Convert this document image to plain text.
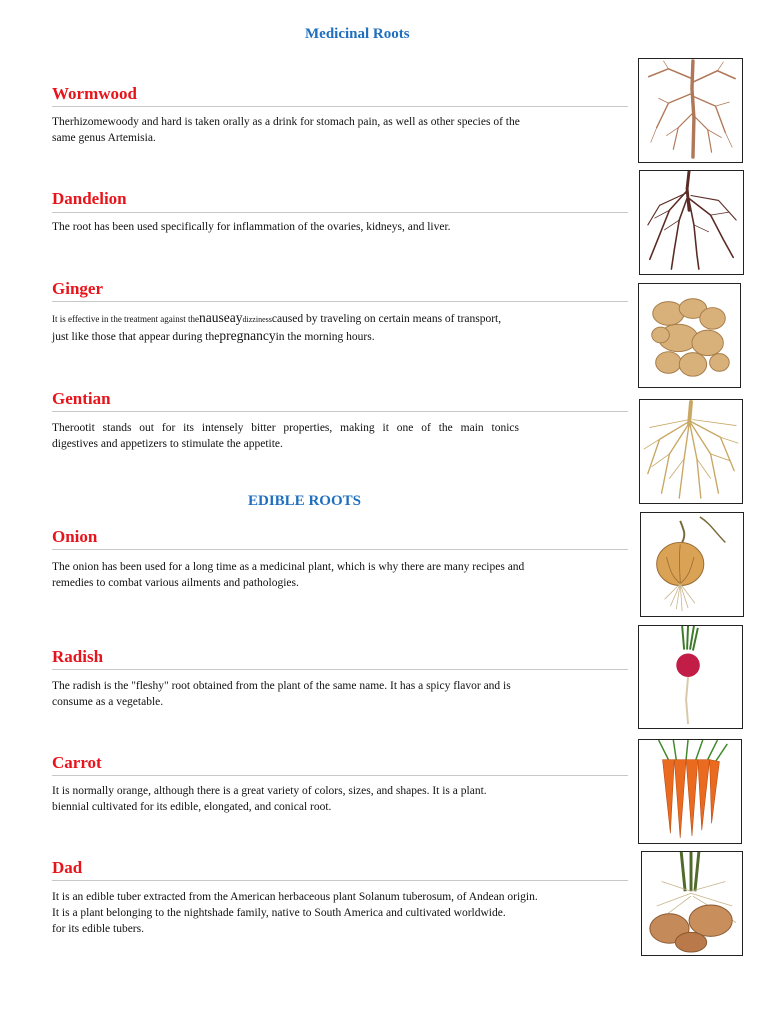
Medicinal Roots
EDIBLE ROOTS
Wormwood
Therhizomewoody and hard is taken orally as a drink for stomach pain, as well as other species of the
same genus Artemisia.
Dandelion
The root has been used specifically for inflammation of the ovaries, kidneys, and liver.
Ginger
It is effective in the treatment against thenauseaydizzinesscaused by traveling on certain means of transport,
just like those that appear during thepregnancyin the morning hours.
Gentian
Therootit stands out for its intensely bitter properties, making it one of the main tonics
digestives and appetizers to stimulate the appetite.
Onion
The onion has been used for a long time as a medicinal plant, which is why there are many recipes and
remedies to combat various ailments and pathologies.
Radish
The radish is the "fleshy" root obtained from the plant of the same name. It has a spicy flavor and is
consume as a vegetable.
Carrot
It is normally orange, although there is a great variety of colors, sizes, and shapes. It is a plant.
biennial cultivated for its edible, elongated, and conical root.
Dad
It is an edible tuber extracted from the American herbaceous plant Solanum tuberosum, of Andean origin.
It is a plant belonging to the nightshade family, native to South America and cultivated worldwide.
for its edible tubers.
